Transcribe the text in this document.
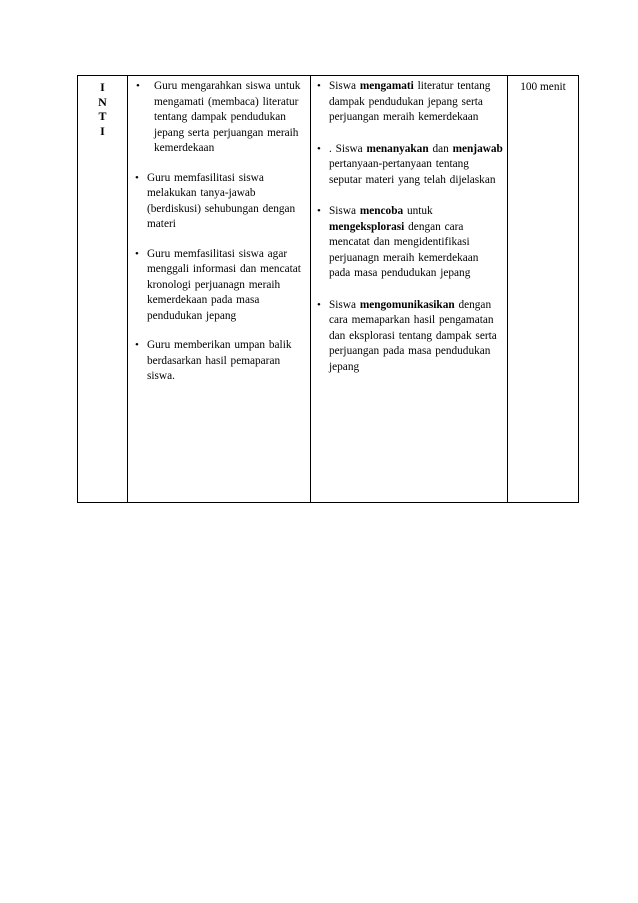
I
N
T
I

• Guru mengarahkan siswa untuk mengamati (membaca) literatur tentang dampak pendudukan jepang serta perjuangan meraih kemerdekaan
• Guru memfasilitasi siswa melakukan tanya-jawab (berdiskusi) sehubungan dengan materi
• Guru memfasilitasi siswa agar menggali informasi dan mencatat kronologi perjuanagn meraih kemerdekaan pada masa pendudukan jepang
• Guru memberikan umpan balik berdasarkan hasil pemaparan siswa.

• Siswa mengamati literatur tentang dampak pendudukan jepang serta perjuangan meraih kemerdekaan
• . Siswa menanyakan dan menjawab pertanyaan-pertanyaan tentang seputar materi yang telah dijelaskan
• Siswa mencoba untuk mengeksplorasi dengan cara mencatat dan mengidentifikasi perjuanagn meraih kemerdekaan pada masa pendudukan jepang
• Siswa mengomunikasikan dengan cara memaparkan hasil pengamatan dan eksplorasi tentang dampak serta perjuangan pada masa pendudukan jepang

100 menit
